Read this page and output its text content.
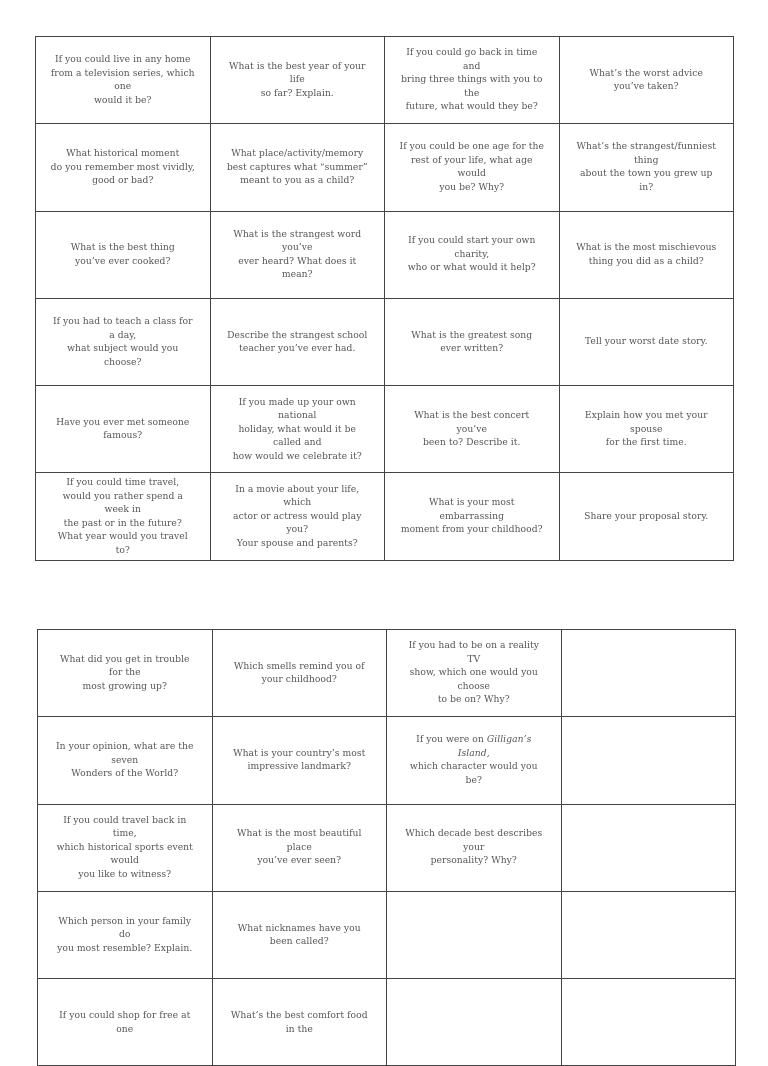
If you could live in any home
from a television series, which one
would it be?
What is the best year of your life
so far? Explain.
If you could go back in time and
bring three things with you to the
future, what would they be?
What’s the worst advice
you’ve taken?
What historical moment
do you remember most vividly,
good or bad?
What place/activity/memory
best captures what “summer”
meant to you as a child?
If you could be one age for the
rest of your life, what age would
you be? Why?
What’s the strangest/funniest thing
about the town you grew up in?
What is the best thing
you’ve ever cooked?
What is the strangest word you’ve
ever heard? What does it mean?
If you could start your own charity,
who or what would it help?
What is the most mischievous
thing you did as a child?
If you had to teach a class for a day,
what subject would you choose?
Describe the strangest school
teacher you’ve ever had.
What is the greatest song
ever written?
Tell your worst date story.
Have you ever met someone
famous?
If you made up your own national
holiday, what would it be called and
how would we celebrate it?
What is the best concert you’ve
been to? Describe it.
Explain how you met your spouse
for the first time.
If you could time travel,
would you rather spend a week in
the past or in the future?
What year would you travel to?
In a movie about your life, which
actor or actress would play you?
Your spouse and parents?
What is your most embarrassing
moment from your childhood?
Share your proposal story.
What did you get in trouble for the
most growing up?
Which smells remind you of
your childhood?
If you had to be on a reality TV
show, which one would you choose
to be on? Why?
In your opinion, what are the seven
Wonders of the World?
What is your country’s most
impressive landmark?
If you were on Gilligan’s Island,
which character would you be?
If you could travel back in time,
which historical sports event would
you like to witness?
What is the most beautiful place
you’ve ever seen?
Which decade best describes your
personality? Why?
Which person in your family do
you most resemble? Explain.
What nicknames have you
been called?
If you could shop for free at one
What’s the best comfort food in the
